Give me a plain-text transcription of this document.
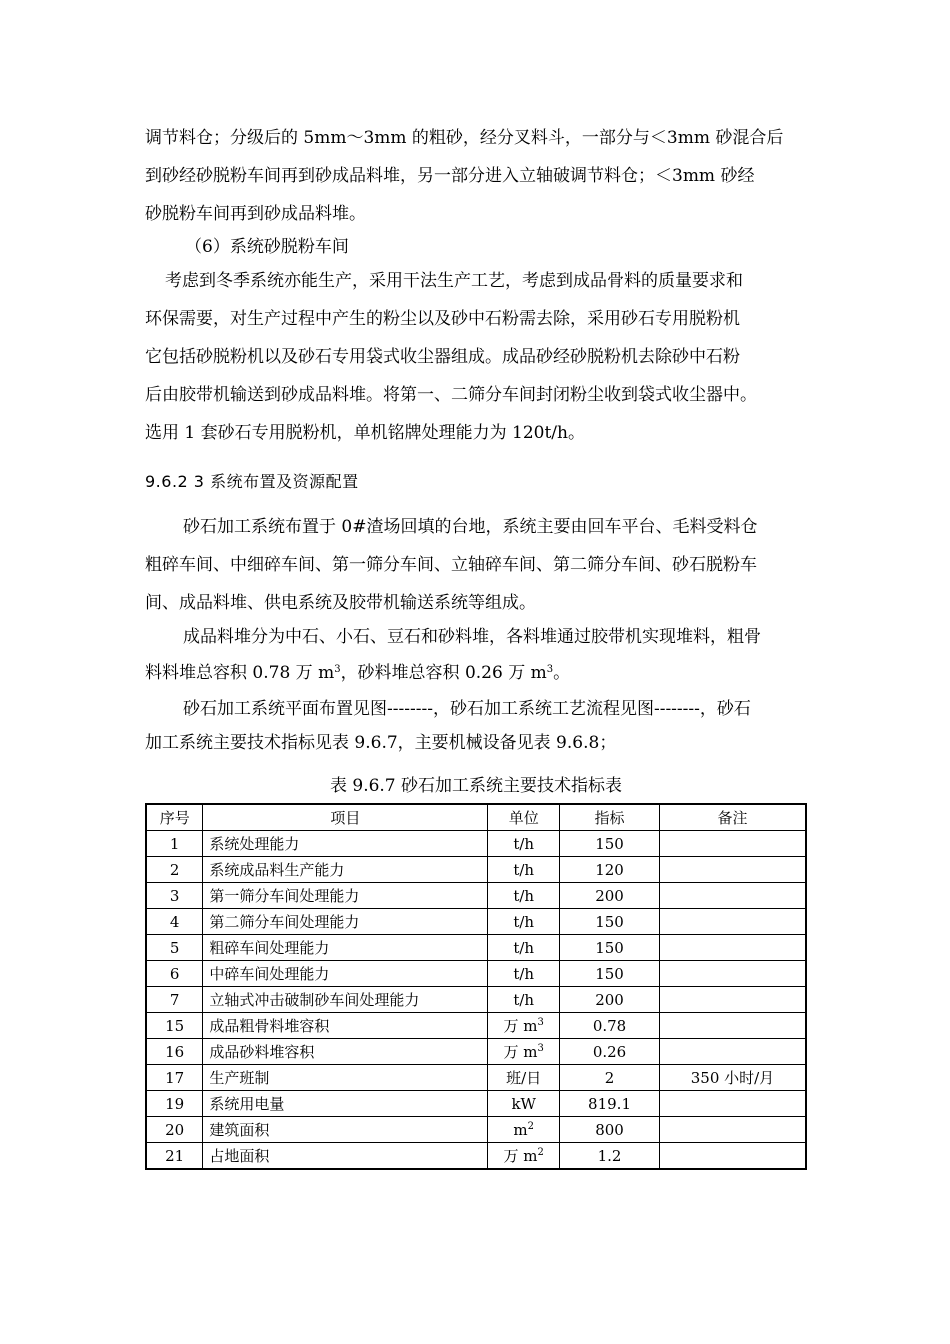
调节料仓；分级后的 5mm～3mm 的粗砂，经分叉料斗，一部分与＜3mm 砂混合后

到砂经砂脱粉车间再到砂成品料堆，另一部分进入立轴破调节料仓；＜3mm 砂经

砂脱粉车间再到砂成品料堆。

（6）系统砂脱粉车间

考虑到冬季系统亦能生产，采用干法生产工艺，考虑到成品骨料的质量要求和

环保需要，对生产过程中产生的粉尘以及砂中石粉需去除，采用砂石专用脱粉机

它包括砂脱粉机以及砂石专用袋式收尘器组成。成品砂经砂脱粉机去除砂中石粉

后由胶带机输送到砂成品料堆。将第一、二筛分车间封闭粉尘收到袋式收尘器中。

选用 1 套砂石专用脱粉机，单机铭牌处理能力为 120t/h。

9.6.2 3 系统布置及资源配置

砂石加工系统布置于 0#渣场回填的台地，系统主要由回车平台、毛料受料仓

粗碎车间、中细碎车间、第一筛分车间、立轴碎车间、第二筛分车间、砂石脱粉车

间、成品料堆、供电系统及胶带机输送系统等组成。

成品料堆分为中石、小石、豆石和砂料堆，各料堆通过胶带机实现堆料，粗骨

料料堆总容积 0.78 万 $m^3$，砂料堆总容积 0.26 万 $m^3$。

砂石加工系统平面布置见图--------，砂石加工系统工艺流程见图--------，砂石

加工系统主要技术指标见表 9.6.7，主要机械设备见表 9.6.8；

表 9.6.7 砂石加工系统主要技术指标表
序号	项目	单位	指标	备注
1	系统处理能力	t/h	150	
2	系统成品料生产能力	t/h	120	
3	第一筛分车间处理能力	t/h	200	
4	第二筛分车间处理能力	t/h	150	
5	粗碎车间处理能力	t/h	150	
6	中碎车间处理能力	t/h	150	
7	立轴式冲击破制砂车间处理能力	t/h	200	
15	成品粗骨料堆容积	万 $m^3$	0.78	
16	成品砂料堆容积	万 $m^3$	0.26	
17	生产班制	班/日	2	350 小时/月
19	系统用电量	kW	819.1	
20	建筑面积	$m^2$	800	
21	占地面积	万 $m^2$	1.2	
